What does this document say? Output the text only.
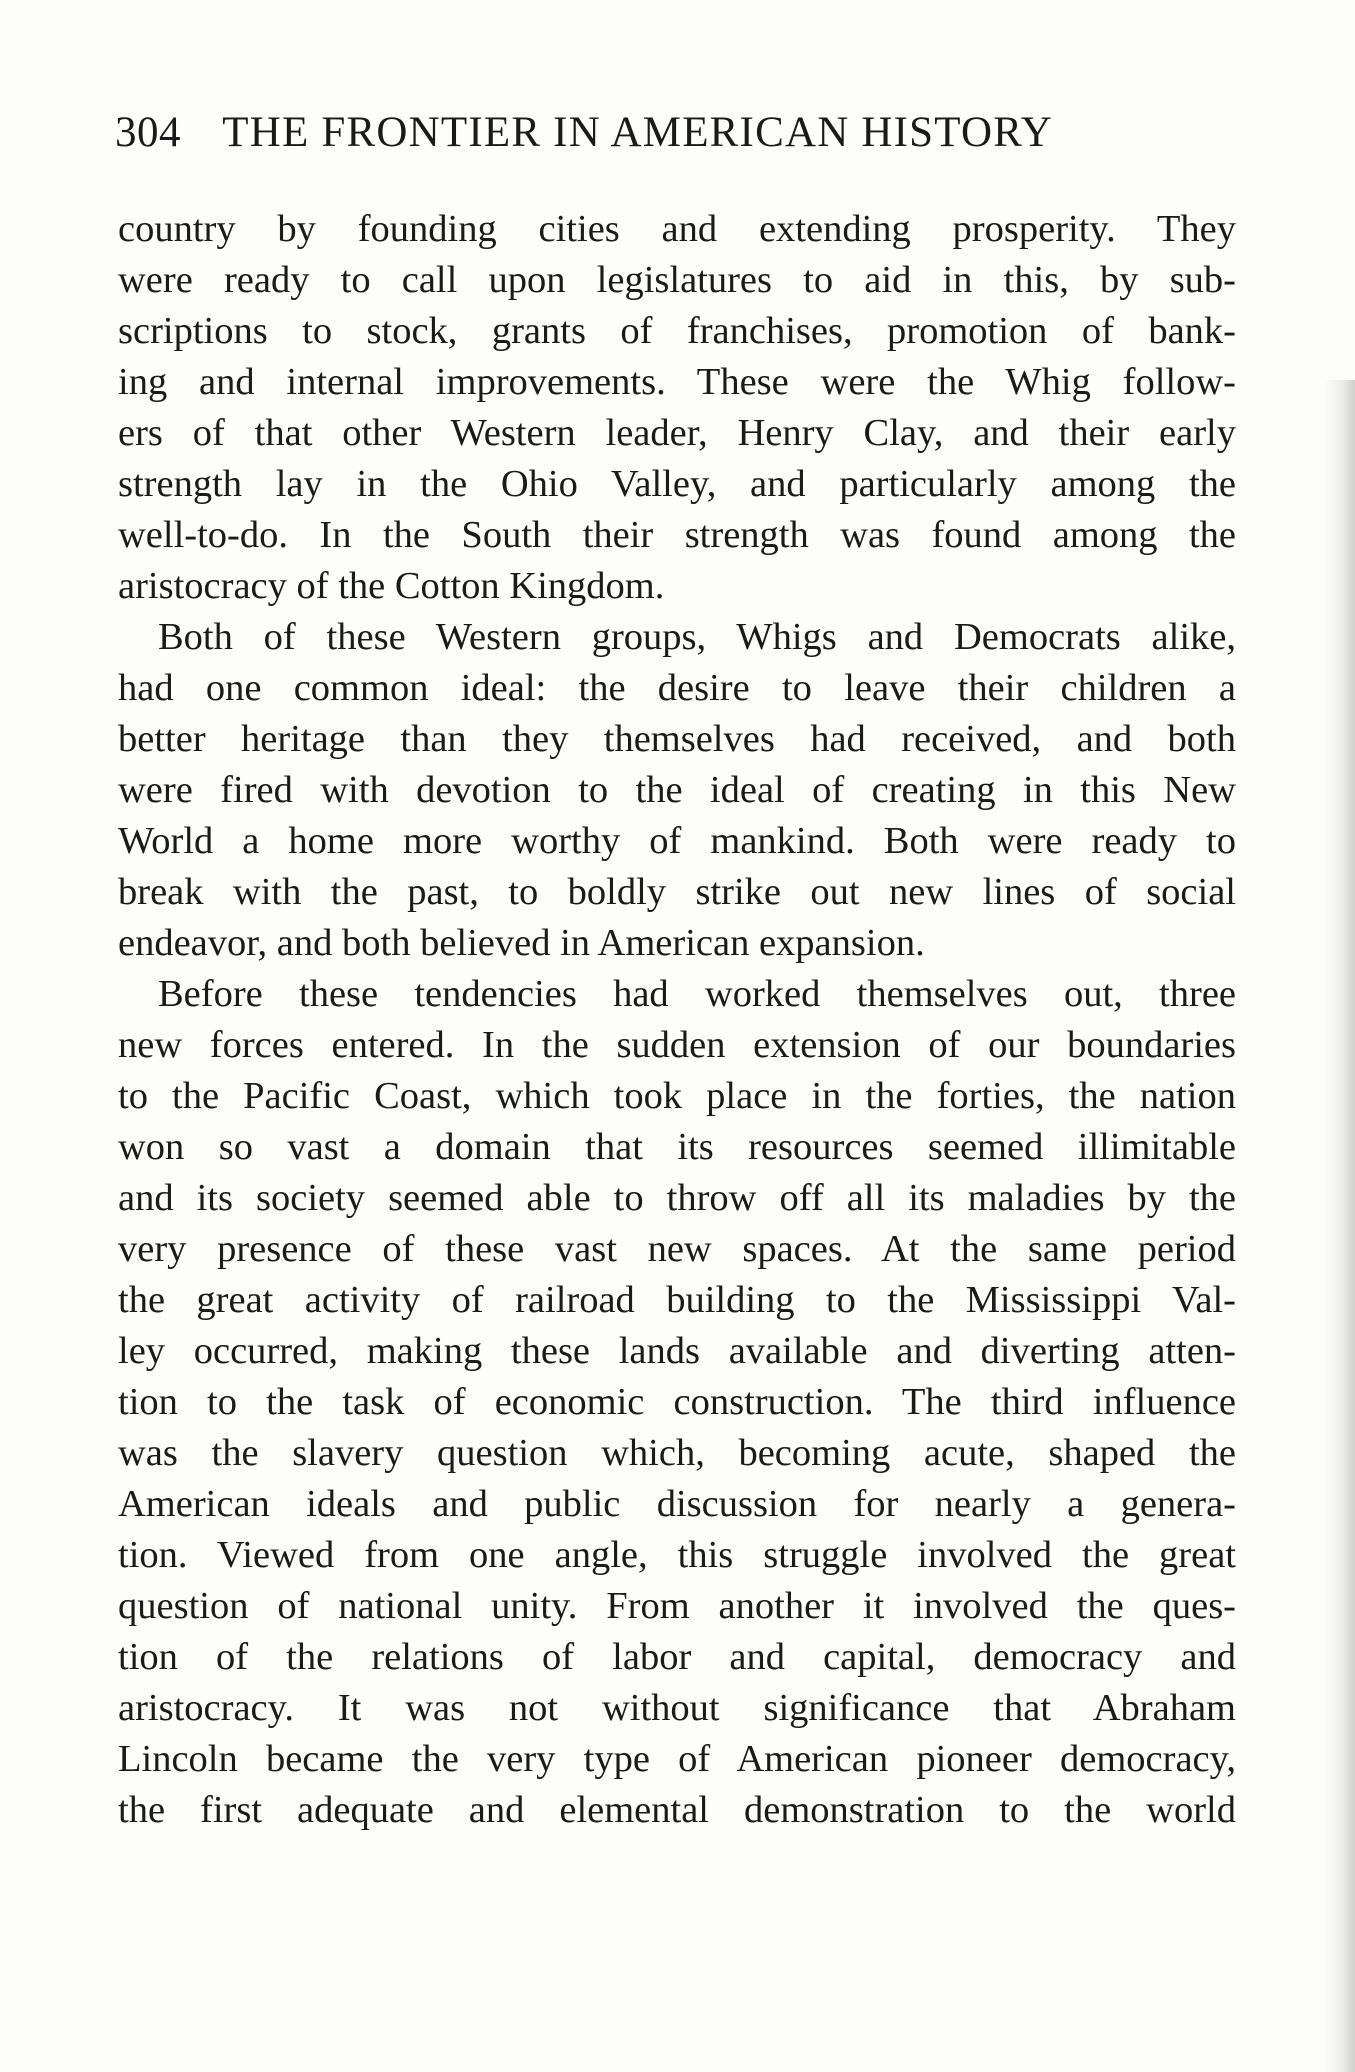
304 THE FRONTIER IN AMERICAN HISTORY
country by founding cities and extending prosperity. They
were ready to call upon legislatures to aid in this, by sub-
scriptions to stock, grants of franchises, promotion of bank-
ing and internal improvements. These were the Whig follow-
ers of that other Western leader, Henry Clay, and their early
strength lay in the Ohio Valley, and particularly among the
well-to-do. In the South their strength was found among the
aristocracy of the Cotton Kingdom.
Both of these Western groups, Whigs and Democrats alike,
had one common ideal: the desire to leave their children a
better heritage than they themselves had received, and both
were fired with devotion to the ideal of creating in this New
World a home more worthy of mankind. Both were ready to
break with the past, to boldly strike out new lines of social
endeavor, and both believed in American expansion.
Before these tendencies had worked themselves out, three
new forces entered. In the sudden extension of our boundaries
to the Pacific Coast, which took place in the forties, the nation
won so vast a domain that its resources seemed illimitable
and its society seemed able to throw off all its maladies by the
very presence of these vast new spaces. At the same period
the great activity of railroad building to the Mississippi Val-
ley occurred, making these lands available and diverting atten-
tion to the task of economic construction. The third influence
was the slavery question which, becoming acute, shaped the
American ideals and public discussion for nearly a genera-
tion. Viewed from one angle, this struggle involved the great
question of national unity. From another it involved the ques-
tion of the relations of labor and capital, democracy and
aristocracy. It was not without significance that Abraham
Lincoln became the very type of American pioneer democracy,
the first adequate and elemental demonstration to the world
